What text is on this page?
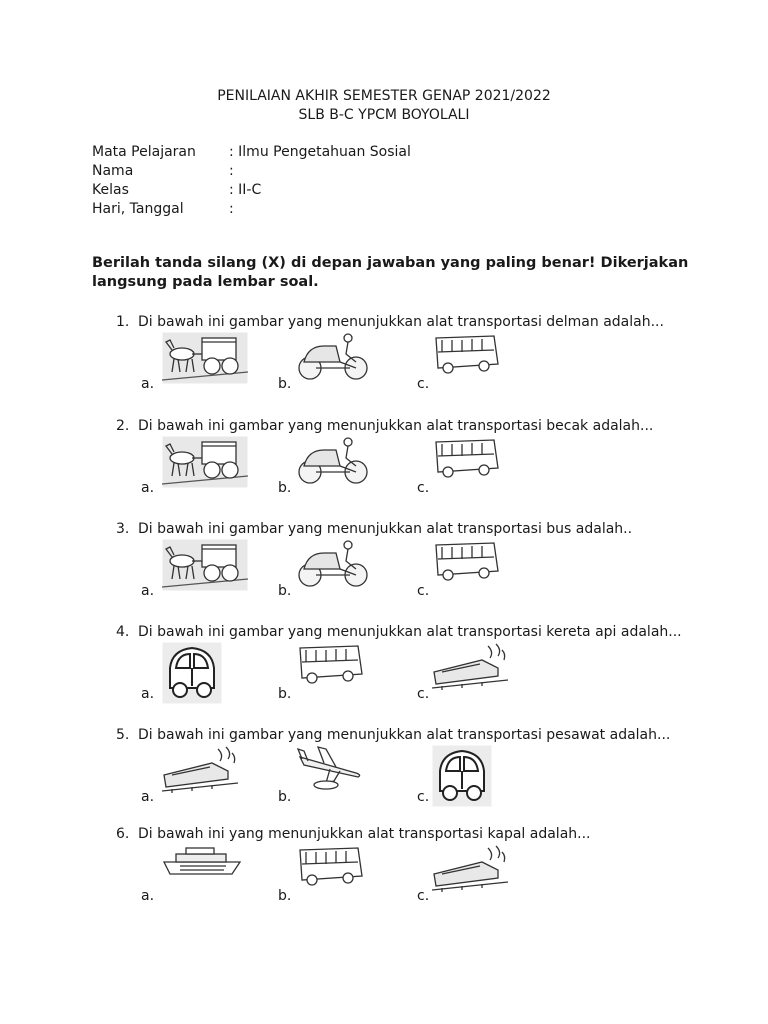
PENILAIAN AKHIR SEMESTER GENAP 2021/2022
SLB B-C YPCM BOYOLALI
Mata Pelajaran	: Ilmu Pengetahuan Sosial
Nama	:
Kelas	: II-C
Hari, Tanggal	:
Berilah tanda silang (X) di depan jawaban yang paling benar! Dikerjakan langsung pada lembar soal.
1. Di bawah ini gambar yang menunjukkan alat transportasi delman adalah...
a.	b.	c.
2. Di bawah ini gambar yang menunjukkan alat transportasi becak adalah...
a.	b.	c.
3. Di bawah ini gambar yang menunjukkan alat transportasi bus adalah..
a.	b.	c.
4. Di bawah ini gambar yang menunjukkan alat transportasi kereta api adalah...
a.	b.	c.
5. Di bawah ini gambar yang menunjukkan alat transportasi pesawat adalah...
a.	b.	c.
6. Di bawah ini yang menunjukkan alat transportasi kapal adalah...
a.	b.	c.
